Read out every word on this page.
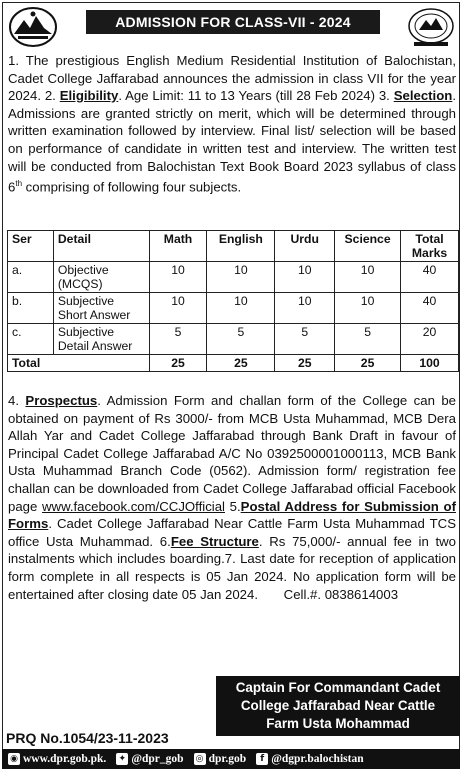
ADMISSION FOR CLASS-VII - 2024
1. The prestigious English Medium Residential Institution of Balochistan, Cadet College Jaffarabad announces the admission in class VII for the year 2024. 2. Eligibility. Age Limit: 11 to 13 Years (till 28 Feb 2024) 3. Selection. Admissions are granted strictly on merit, which will be determined through written examination followed by interview. Final list/ selection will be based on performance of candidate in written test and interview. The written test will be conducted from Balochistan Text Book Board 2023 syllabus of class 6th comprising of following four subjects.
Ser	Detail	Math	English	Urdu	Science	Total Marks
a.	Objective (MCQS)	10	10	10	10	40
b.	Subjective Short Answer	10	10	10	10	40
c.	Subjective Detail Answer	5	5	5	5	20
Total		25	25	25	25	100
4. Prospectus. Admission Form and challan form of the College can be obtained on payment of Rs 3000/- from MCB Usta Muhammad, MCB Dera Allah Yar and Cadet College Jaffarabad through Bank Draft in favour of Principal Cadet College Jaffarabad A/C No 0392500001000113, MCB Bank Usta Muhammad Branch Code (0562). Admission form/ registration fee challan can be downloaded from Cadet College Jaffarabad official Facebook page www.facebook.com/CCJOfficial 5.Postal Address for Submission of Forms. Cadet College Jaffarabad Near Cattle Farm Usta Muhammad TCS office Usta Muhammad. 6.Fee Structure. Rs 75,000/- annual fee in two instalments which includes boarding.7. Last date for reception of application form complete in all respects is 05 Jan 2024. No application form will be entertained after closing date 05 Jan 2024. Cell.#. 0838614003
Captain For Commandant Cadet
College Jaffarabad Near Cattle
Farm Usta Mohammad
PRQ No.1054/23-11-2023
◉ www.dpr.gob.pk. ✦ @dpr_gob ◎ dpr.gob	f @dgpr.balochistan
